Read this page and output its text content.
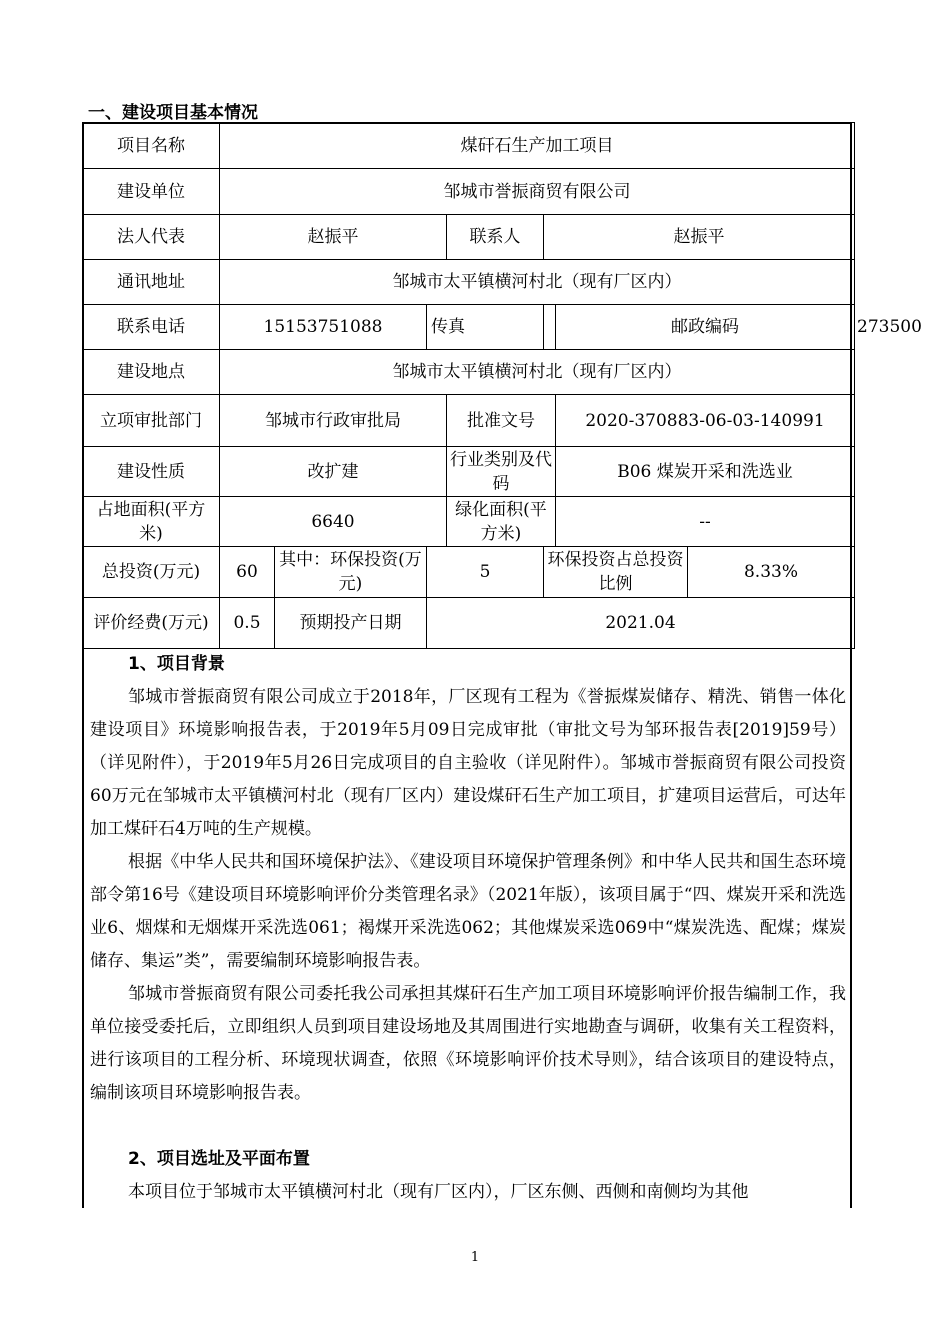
一、建设项目基本情况
项目名称	煤矸石生产加工项目							
建设单位	邹城市誉振商贸有限公司							
法人代表	赵振平			联系人	赵振平			
通讯地址	邹城市太平镇横河村北（现有厂区内）							
联系电话	15153751088		传真			邮政编码		273500
建设地点	邹城市太平镇横河村北（现有厂区内）							
立项审批部门	邹城市行政审批局			批准文号		2020-370883-06-03-140991		
建设性质	改扩建			行业类别及代码		B06 煤炭开采和洗选业		
占地面积(平方米)	6640			绿化面积(平方米)		--		
总投资(万元)	60	其中：环保投资(万元)	5		环保投资占总投资比例		8.33%	
评价经费(万元)	0.5	预期投产日期	2021.04					
1、项目背景

邹城市誉振商贸有限公司成立于2018年，厂区现有工程为《誉振煤炭储存、精洗、销售一体化建设项目》环境影响报告表，于2019年5月09日完成审批（审批文号为邹环报告表[2019]59号）（详见附件），于2019年5月26日完成项目的自主验收（详见附件）。邹城市誉振商贸有限公司投资60万元在邹城市太平镇横河村北（现有厂区内）建设煤矸石生产加工项目，扩建项目运营后，可达年加工煤矸石4万吨的生产规模。

根据《中华人民共和国环境保护法》、《建设项目环境保护管理条例》和中华人民共和国生态环境部令第16号《建设项目环境影响评价分类管理名录》（2021年版），该项目属于“四、煤炭开采和洗选业6、烟煤和无烟煤开采洗选061；褐煤开采洗选062；其他煤炭采选069中“煤炭洗选、配煤；煤炭储存、集运”类”，需要编制环境影响报告表。

邹城市誉振商贸有限公司委托我公司承担其煤矸石生产加工项目环境影响评价报告编制工作，我单位接受委托后，立即组织人员到项目建设场地及其周围进行实地勘查与调研，收集有关工程资料，进行该项目的工程分析、环境现状调查，依照《环境影响评价技术导则》，结合该项目的建设特点，编制该项目环境影响报告表。

2、项目选址及平面布置

本项目位于邹城市太平镇横河村北（现有厂区内），厂区东侧、西侧和南侧均为其他

1
